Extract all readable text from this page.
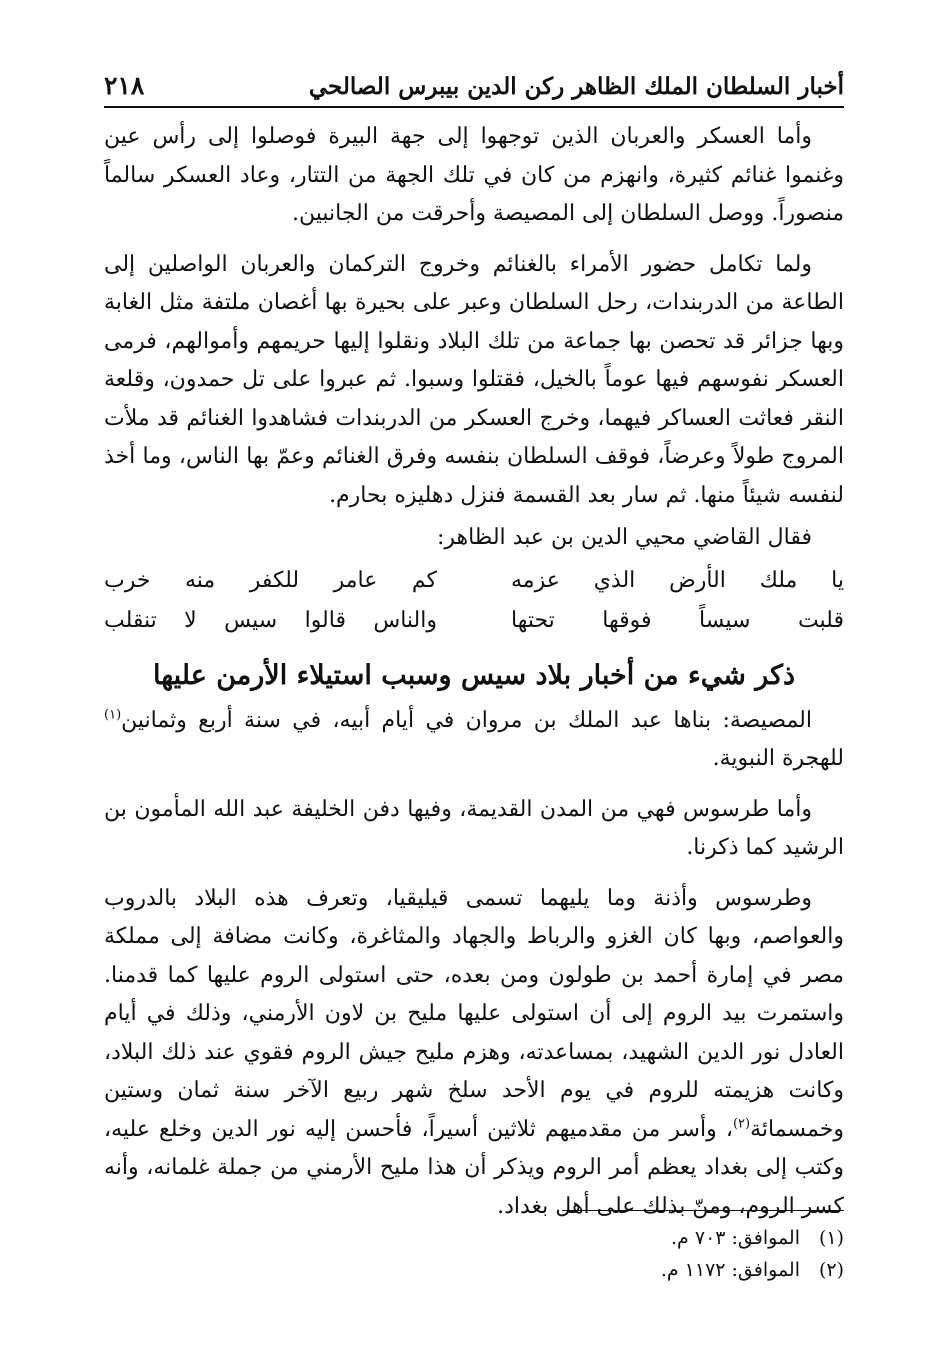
أخبار السلطان الملك الظاهر ركن الدين بيبرس الصالحي
٢١٨

وأما العسكر والعربان الذين توجهوا إلى جهة البيرة فوصلوا إلى رأس عين وغنموا غنائم كثيرة، وانهزم من كان في تلك الجهة من التتار، وعاد العسكر سالماً منصوراً. ووصل السلطان إلى المصيصة وأحرقت من الجانبين.

ولما تكامل حضور الأمراء بالغنائم وخروج التركمان والعربان الواصلين إلى الطاعة من الدربندات، رحل السلطان وعبر على بحيرة بها أغصان ملتفة مثل الغابة وبها جزائر قد تحصن بها جماعة من تلك البلاد ونقلوا إليها حريمهم وأموالهم، فرمى العسكر نفوسهم فيها عوماً بالخيل، فقتلوا وسبوا. ثم عبروا على تل حمدون، وقلعة النقر فعاثت العساكر فيهما، وخرج العسكر من الدربندات فشاهدوا الغنائم قد ملأت المروج طولاً وعرضاً، فوقف السلطان بنفسه وفرق الغنائم وعمّ بها الناس، وما أخذ لنفسه شيئاً منها. ثم سار بعد القسمة فنزل دهليزه بحارم.

فقال القاضي محيي الدين بن عبد الظاهر:

يا ملك الأرض الذي عزمه
كم عامر للكفر منه خرب
قلبت سيساً فوقها تحتها
والناس قالوا سيس لا تنقلب
ذكر شيء من أخبار بلاد سيس وسبب استيلاء الأرمن عليها

المصيصة: بناها عبد الملك بن مروان في أيام أبيه، في سنة أربع وثمانين$^{(١)}$ للهجرة النبوية.

وأما طرسوس فهي من المدن القديمة، وفيها دفن الخليفة عبد الله المأمون بن الرشيد كما ذكرنا.

وطرسوس وأذنة وما يليهما تسمى قيليقيا، وتعرف هذه البلاد بالدروب والعواصم، وبها كان الغزو والرباط والجهاد والمثاغرة، وكانت مضافة إلى مملكة مصر في إمارة أحمد بن طولون ومن بعده، حتى استولى الروم عليها كما قدمنا. واستمرت بيد الروم إلى أن استولى عليها مليح بن لاون الأرمني، وذلك في أيام العادل نور الدين الشهيد، بمساعدته، وهزم مليح جيش الروم فقوي عند ذلك البلاد، وكانت هزيمته للروم في يوم الأحد سلخ شهر ربيع الآخر سنة ثمان وستين وخمسمائة$^{(٢)}$، وأسر من مقدميهم ثلاثين أسيراً، فأحسن إليه نور الدين وخلع عليه، وكتب إلى بغداد يعظم أمر الروم ويذكر أن هذا مليح الأرمني من جملة غلمانه، وأنه كسر الروم، ومنّ بذلك على أهل بغداد.

(١)
الموافق: ٧٠٣ م.
(٢)
الموافق: ١١٧٢ م.
